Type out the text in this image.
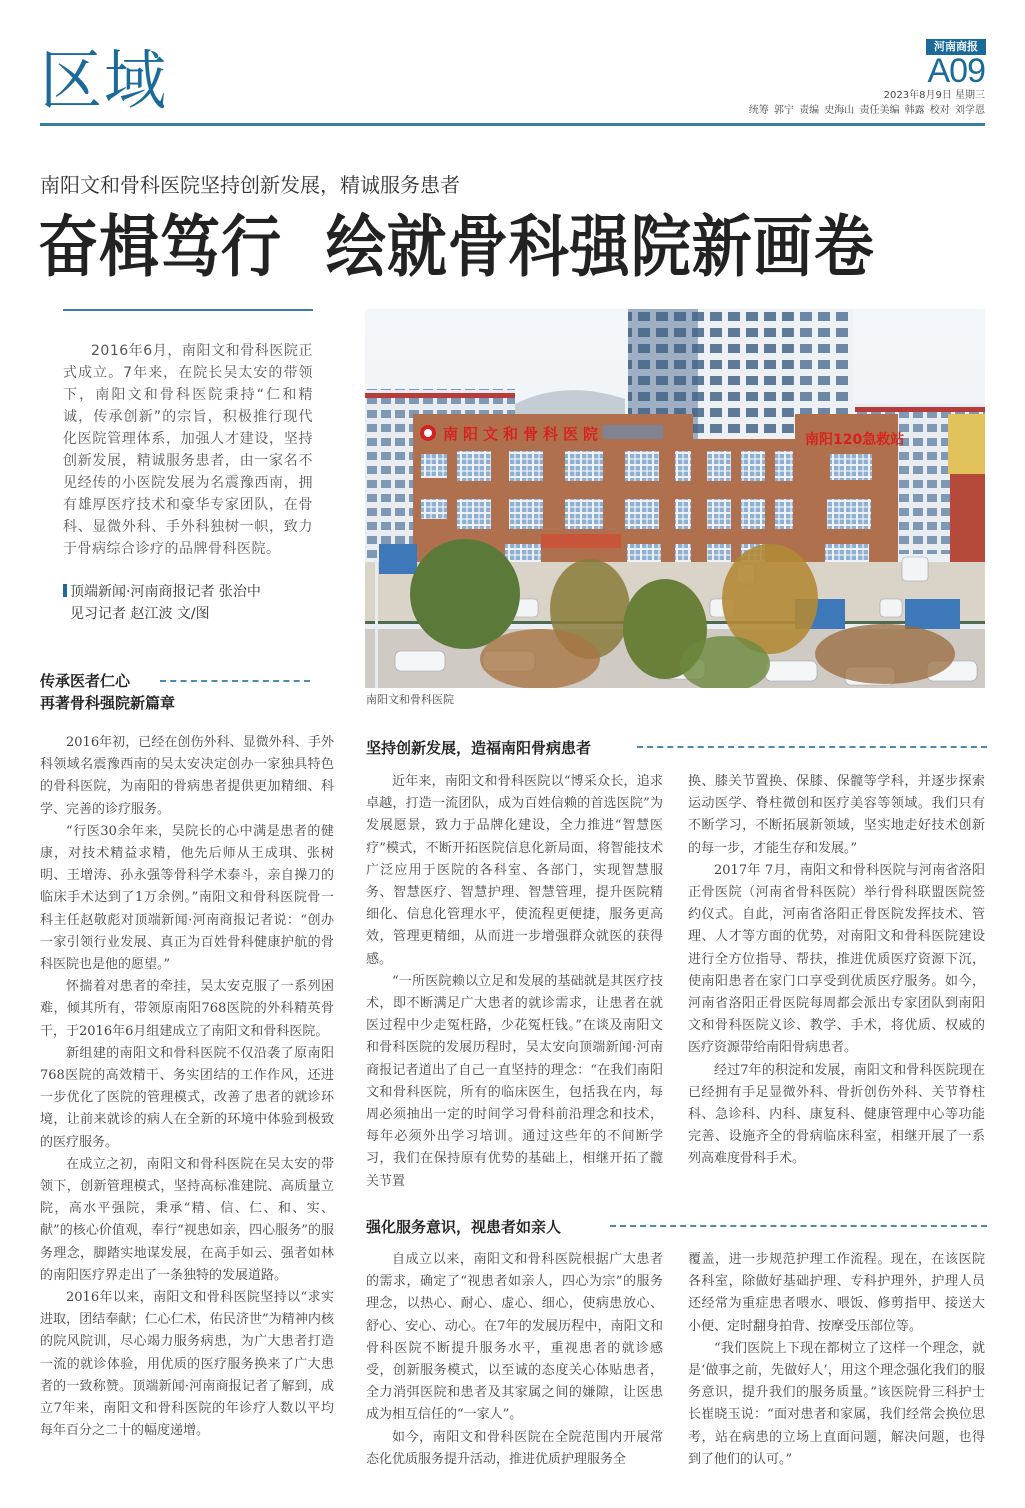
区域	河南商报
A09
2023年8月9日 星期三
统筹 郭宁 责编 史海山 责任美编 韩露 校对 刘学恩
南阳文和骨科医院坚持创新发展，精诚服务患者
奋楫笃行  绘就骨科强院新画卷
2016年6月，南阳文和骨科医院正式成立。7年来，在院长吴太安的带领下，南阳文和骨科医院秉持“仁和精诚，传承创新”的宗旨，积极推行现代化医院管理体系，加强人才建设，坚持创新发展，精诚服务患者，由一家名不见经传的小医院发展为名震豫西南，拥有雄厚医疗技术和豪华专家团队，在骨科、显微外科、手外科独树一帜，致力于骨病综合诊疗的品牌骨科医院。
顶端新闻·河南商报记者 张治中
见习记者 赵江波 文/图
南阳文和骨科医院	南阳120急救站
南阳文和骨科医院
传承医者仁心
再著骨科强院新篇章

2016年初，已经在创伤外科、显微外科、手外科领域名震豫西南的吴太安决定创办一家独具特色的骨科医院，为南阳的骨病患者提供更加精细、科学、完善的诊疗服务。

“行医30余年来，吴院长的心中满是患者的健康，对技术精益求精，他先后师从王成琪、张树明、王增涛、孙永强等骨科学术泰斗，亲自操刀的临床手术达到了1万余例。”南阳文和骨科医院骨一科主任赵敬彪对顶端新闻·河南商报记者说：“创办一家引领行业发展、真正为百姓骨科健康护航的骨科医院也是他的愿望。”

怀揣着对患者的牵挂，吴太安克服了一系列困难，倾其所有，带领原南阳768医院的外科精英骨干，于2016年6月组建成立了南阳文和骨科医院。

新组建的南阳文和骨科医院不仅沿袭了原南阳768医院的高效精干、务实团结的工作作风，还进一步优化了医院的管理模式，改善了患者的就诊环境，让前来就诊的病人在全新的环境中体验到极致的医疗服务。

在成立之初，南阳文和骨科医院在吴太安的带领下，创新管理模式，坚持高标准建院、高质量立院，高水平强院，秉承“精、信、仁、和、实、献”的核心价值观，奉行“视患如亲，四心服务”的服务理念，脚踏实地谋发展，在高手如云、强者如林的南阳医疗界走出了一条独特的发展道路。

2016年以来，南阳文和骨科医院坚持以“求实进取，团结奉献；仁心仁术，佑民济世”为精神内核的院风院训，尽心竭力服务病患，为广大患者打造一流的就诊体验，用优质的医疗服务换来了广大患者的一致称赞。顶端新闻·河南商报记者了解到，成立7年来，南阳文和骨科医院的年诊疗人数以平均每年百分之二十的幅度递增。

坚持创新发展，造福南阳骨病患者

近年来，南阳文和骨科医院以“博采众长，追求卓越，打造一流团队，成为百姓信赖的首选医院”为发展愿景，致力于品牌化建设，全力推进“智慧医疗”模式，不断开拓医院信息化新局面，将智能技术广泛应用于医院的各科室、各部门，实现智慧服务、智慧医疗、智慧护理、智慧管理，提升医院精细化、信息化管理水平，使流程更便捷，服务更高效，管理更精细，从而进一步增强群众就医的获得感。

“一所医院赖以立足和发展的基础就是其医疗技术，即不断满足广大患者的就诊需求，让患者在就医过程中少走冤枉路，少花冤枉钱。”在谈及南阳文和骨科医院的发展历程时，吴太安向顶端新闻·河南商报记者道出了自己一直坚持的理念：“在我们南阳文和骨科医院，所有的临床医生，包括我在内，每周必须抽出一定的时间学习骨科前沿理念和技术，每年必须外出学习培训。通过这些年的不间断学习，我们在保持原有优势的基础上，相继开拓了髋关节置

换、膝关节置换、保膝、保髋等学科，并逐步探索运动医学、脊柱微创和医疗美容等领域。我们只有不断学习，不断拓展新领域，坚实地走好技术创新的每一步，才能生存和发展。”

2017年 7月，南阳文和骨科医院与河南省洛阳正骨医院（河南省骨科医院）举行骨科联盟医院签约仪式。自此，河南省洛阳正骨医院发挥技术、管理、人才等方面的优势，对南阳文和骨科医院建设进行全方位指导、帮扶，推进优质医疗资源下沉，使南阳患者在家门口享受到优质医疗服务。如今，河南省洛阳正骨医院每周都会派出专家团队到南阳文和骨科医院义诊、教学、手术，将优质、权威的医疗资源带给南阳骨病患者。

经过7年的积淀和发展，南阳文和骨科医院现在已经拥有手足显微外科、骨折创伤外科、关节脊柱科、急诊科、内科、康复科、健康管理中心等功能完善、设施齐全的骨病临床科室，相继开展了一系列高难度骨科手术。

强化服务意识，视患者如亲人

自成立以来，南阳文和骨科医院根据广大患者的需求，确定了“视患者如亲人，四心为宗”的服务理念，以热心、耐心、虚心、细心，使病患放心、舒心、安心、动心。在7年的发展历程中，南阳文和骨科医院不断提升服务水平，重视患者的就诊感受，创新服务模式，以至诚的态度关心体贴患者，全力消弭医院和患者及其家属之间的嫌隙，让医患成为相互信任的“一家人”。

如今，南阳文和骨科医院在全院范围内开展常态化优质服务提升活动，推进优质护理服务全

覆盖，进一步规范护理工作流程。现在，在该医院各科室，除做好基础护理、专科护理外，护理人员还经常为重症患者喂水、喂饭、修剪指甲、接送大小便、定时翻身拍背、按摩受压部位等。

“我们医院上下现在都树立了这样一个理念，就是‘做事之前，先做好人’，用这个理念强化我们的服务意识，提升我们的服务质量。”该医院骨三科护士长崔晓玉说：“面对患者和家属，我们经常会换位思考，站在病患的立场上直面问题，解决问题，也得到了他们的认可。”
